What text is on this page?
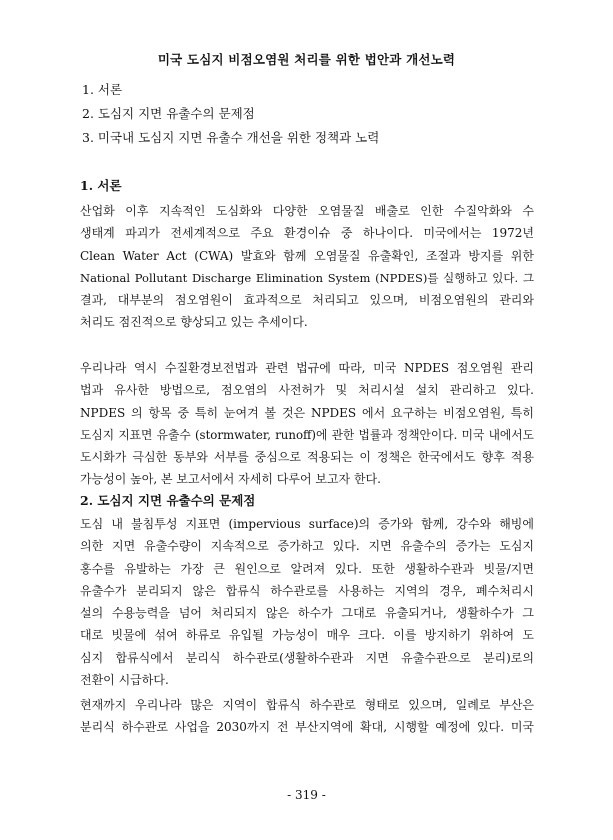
미국 도심지 비점오염원 처리를 위한 법안과 개선노력
1. 서론
2. 도심지 지면 유출수의 문제점
3. 미국내 도심지 지면 유출수 개선을 위한 정책과 노력
1. 서론

산업화 이후 지속적인 도심화와 다양한 오염물질 배출로 인한 수질악화와 수
생태계 파괴가 전세계적으로 주요 환경이슈 중 하나이다. 미국에서는 1972년
Clean Water Act (CWA) 발효와 함께 오염물질 유출확인, 조절과 방지를 위한
National Pollutant Discharge Elimination System (NPDES)를 실행하고 있다. 그
결과, 대부분의 점오염원이 효과적으로 처리되고 있으며, 비점오염원의 관리와
처리도 점진적으로 향상되고 있는 추세이다.

우리나라 역시 수질환경보전법과 관련 법규에 따라, 미국 NPDES 점오염원 관리
법과 유사한 방법으로, 점오염의 사전허가 및 처리시설 설치 관리하고 있다.
NPDES 의 항목 중 특히 눈여겨 볼 것은 NPDES 에서 요구하는 비점오염원, 특히
도심지 지표면 유출수 (stormwater, runoff)에 관한 법률과 정책안이다. 미국 내에서도
도시화가 극심한 동부와 서부를 중심으로 적용되는 이 정책은 한국에서도 향후 적용
가능성이 높아, 본 보고서에서 자세히 다루어 보고자 한다.

2. 도심지 지면 유출수의 문제점

도심 내 불침투성 지표면 (impervious surface)의 증가와 함께, 강수와 해빙에
의한 지면 유출수량이 지속적으로 증가하고 있다. 지면 유출수의 증가는 도심지
홍수를 유발하는 가장 큰 원인으로 알려져 있다. 또한 생활하수관과 빗물/지면
유출수가 분리되지 않은 합류식 하수관로를 사용하는 지역의 경우, 폐수처리시
설의 수용능력을 넘어 처리되지 않은 하수가 그대로 유출되거나, 생활하수가 그
대로 빗물에 섞여 하류로 유입될 가능성이 매우 크다. 이를 방지하기 위하여 도
심지 합류식에서 분리식 하수관로(생활하수관과 지면 유출수관으로 분리)로의
전환이 시급하다.

현재까지 우리나라 많은 지역이 합류식 하수관로 형태로 있으며, 일례로 부산은
분리식 하수관로 사업을 2030까지 전 부산지역에 확대, 시행할 예정에 있다. 미국

- 319 -
